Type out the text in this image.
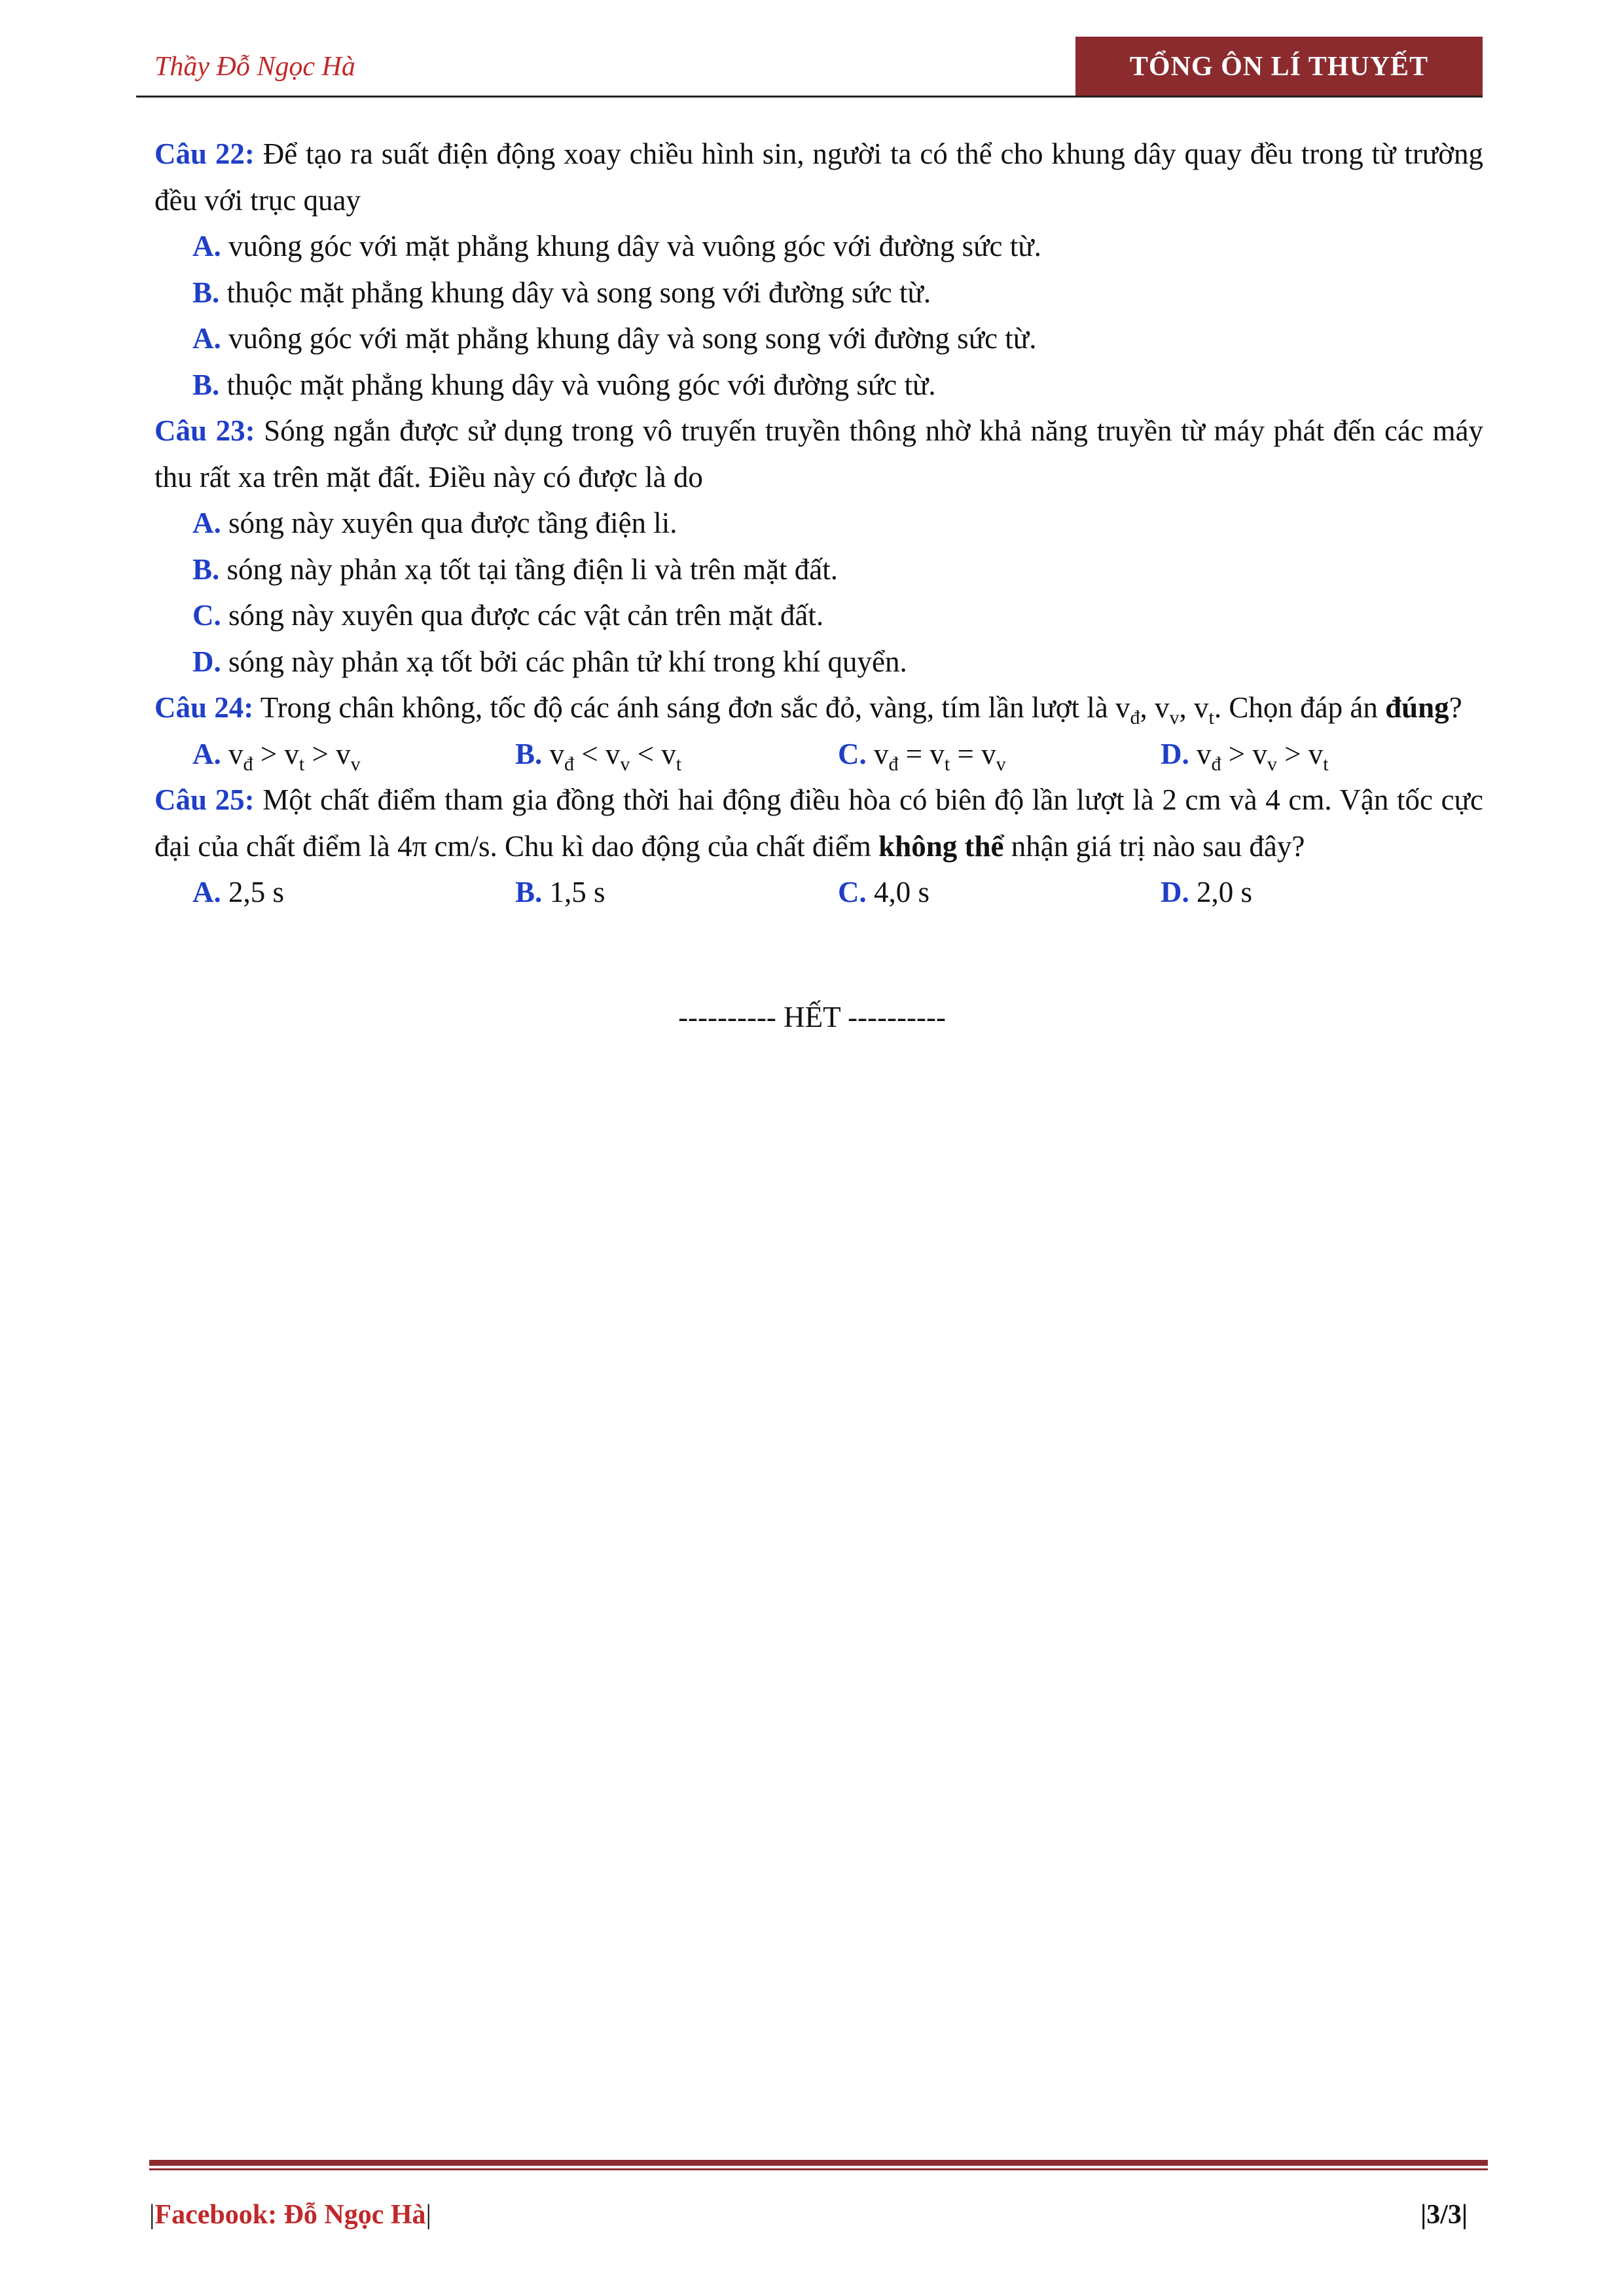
Thầy Đỗ Ngọc Hà	TỔNG ÔN LÍ THUYẾT

Câu 22: Để tạo ra suất điện động xoay chiều hình sin, người ta có thể cho khung dây quay đều trong từ trường đều với trục quay

A. vuông góc với mặt phẳng khung dây và vuông góc với đường sức từ.

B. thuộc mặt phẳng khung dây và song song với đường sức từ.

A. vuông góc với mặt phẳng khung dây và song song với đường sức từ.

B. thuộc mặt phẳng khung dây và vuông góc với đường sức từ.

Câu 23: Sóng ngắn được sử dụng trong vô truyến truyền thông nhờ khả năng truyền từ máy phát đến các máy thu rất xa trên mặt đất. Điều này có được là do

A. sóng này xuyên qua được tầng điện li.

B. sóng này phản xạ tốt tại tầng điện li và trên mặt đất.

C. sóng này xuyên qua được các vật cản trên mặt đất.

D. sóng này phản xạ tốt bởi các phân tử khí trong khí quyển.

Câu 24: Trong chân không, tốc độ các ánh sáng đơn sắc đỏ, vàng, tím lần lượt là $v_đ$, $v_v$, $v_t$. Chọn đáp án đúng?

A. $v_đ > v_t > v_v$	B. $v_đ < v_v < v_t$	C. $v_đ = v_t = v_v$	D. $v_đ > v_v > v_t$

Câu 25: Một chất điểm tham gia đồng thời hai động điều hòa có biên độ lần lượt là 2 cm và 4 cm. Vận tốc cực đại của chất điểm là 4π cm/s. Chu kì dao động của chất điểm không thể nhận giá trị nào sau đây?

A. 2,5 s	B. 1,5 s	C. 4,0 s	D. 2,0 s
---------- HẾT ----------
|Facebook: Đỗ Ngọc Hà|	|3/3|
